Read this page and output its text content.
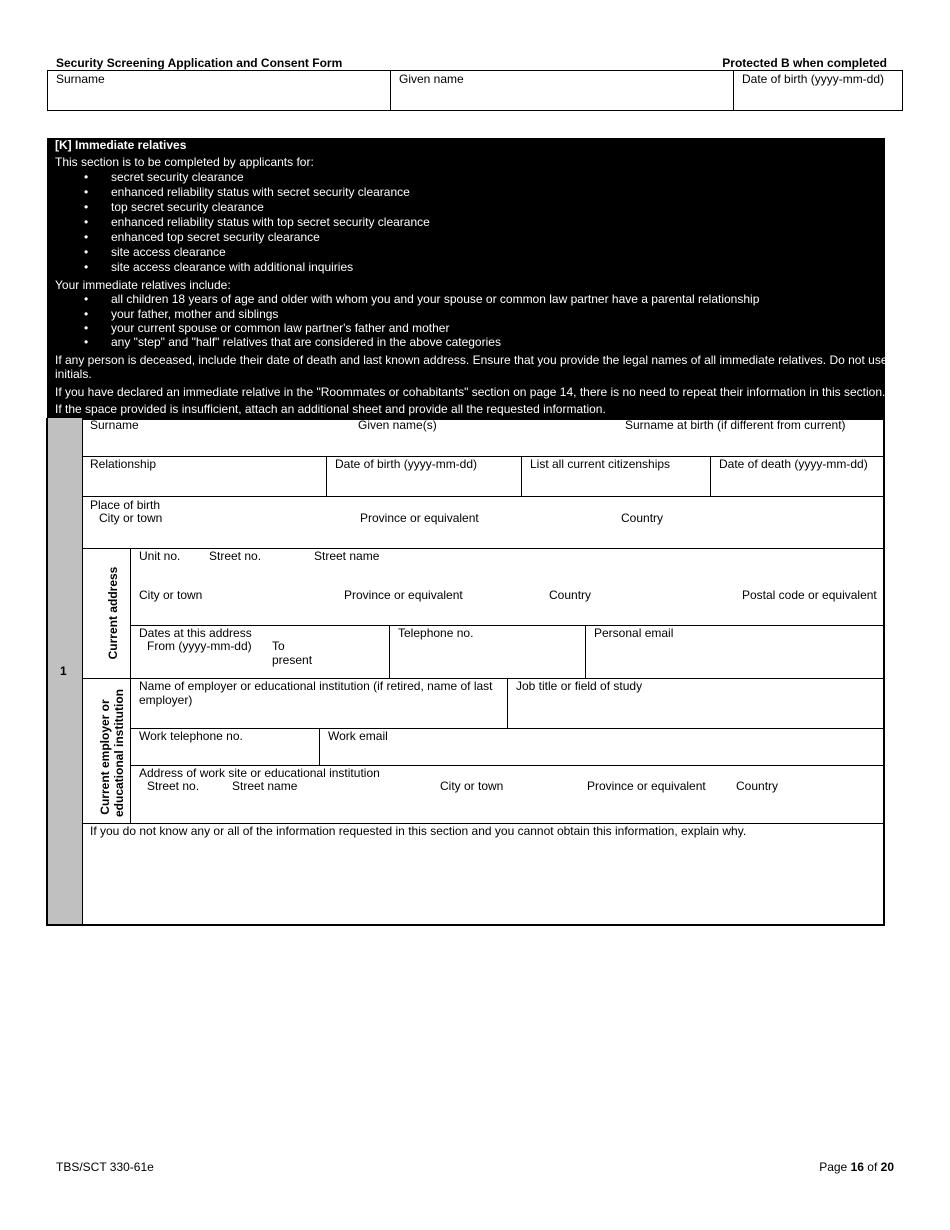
Security Screening Application and Consent Form	Protected B when completed
Surname	Given name	Date of birth (yyyy-mm-dd)
[K] Immediate relatives
This section is to be completed by applicants for:
• secret security clearance
• enhanced reliability status with secret security clearance
• top secret security clearance
• enhanced reliability status with top secret security clearance
• enhanced top secret security clearance
• site access clearance
• site access clearance with additional inquiries
Your immediate relatives include:
• all children 18 years of age and older with whom you and your spouse or common law partner have a parental relationship
• your father, mother and siblings
• your current spouse or common law partner's father and mother
• any "step" and "half" relatives that are considered in the above categories
If any person is deceased, include their date of death and last known address. Ensure that you provide the legal names of all immediate relatives. Do not use
initials.
If you have declared an immediate relative in the "Roommates or cohabitants" section on page 14, there is no need to repeat their information in this section.
If the space provided is insufficient, attach an additional sheet and provide all the requested information.
1
Surname	Given name(s)	Surname at birth (if different from current)
Relationship	Date of birth (yyyy-mm-dd)	List all current citizenships	Date of death (yyyy-mm-dd)
Place of birth
City or town	Province or equivalent	Country
Current address
Unit no. Street no.	Street name
City or town	Province or equivalent	Country	Postal code or equivalent
Dates at this address
From (yyyy-mm-dd) To
present
Telephone no.	Personal email
Current employer or educational institution
Name of employer or educational institution (if retired, name of last employer)
Job title or field of study
Work telephone no.	Work email
Address of work site or educational institution
Street no.	Street name	City or town	Province or equivalent	Country
If you do not know any or all of the information requested in this section and you cannot obtain this information, explain why.
TBS/SCT 330-61e	Page 16 of 20
